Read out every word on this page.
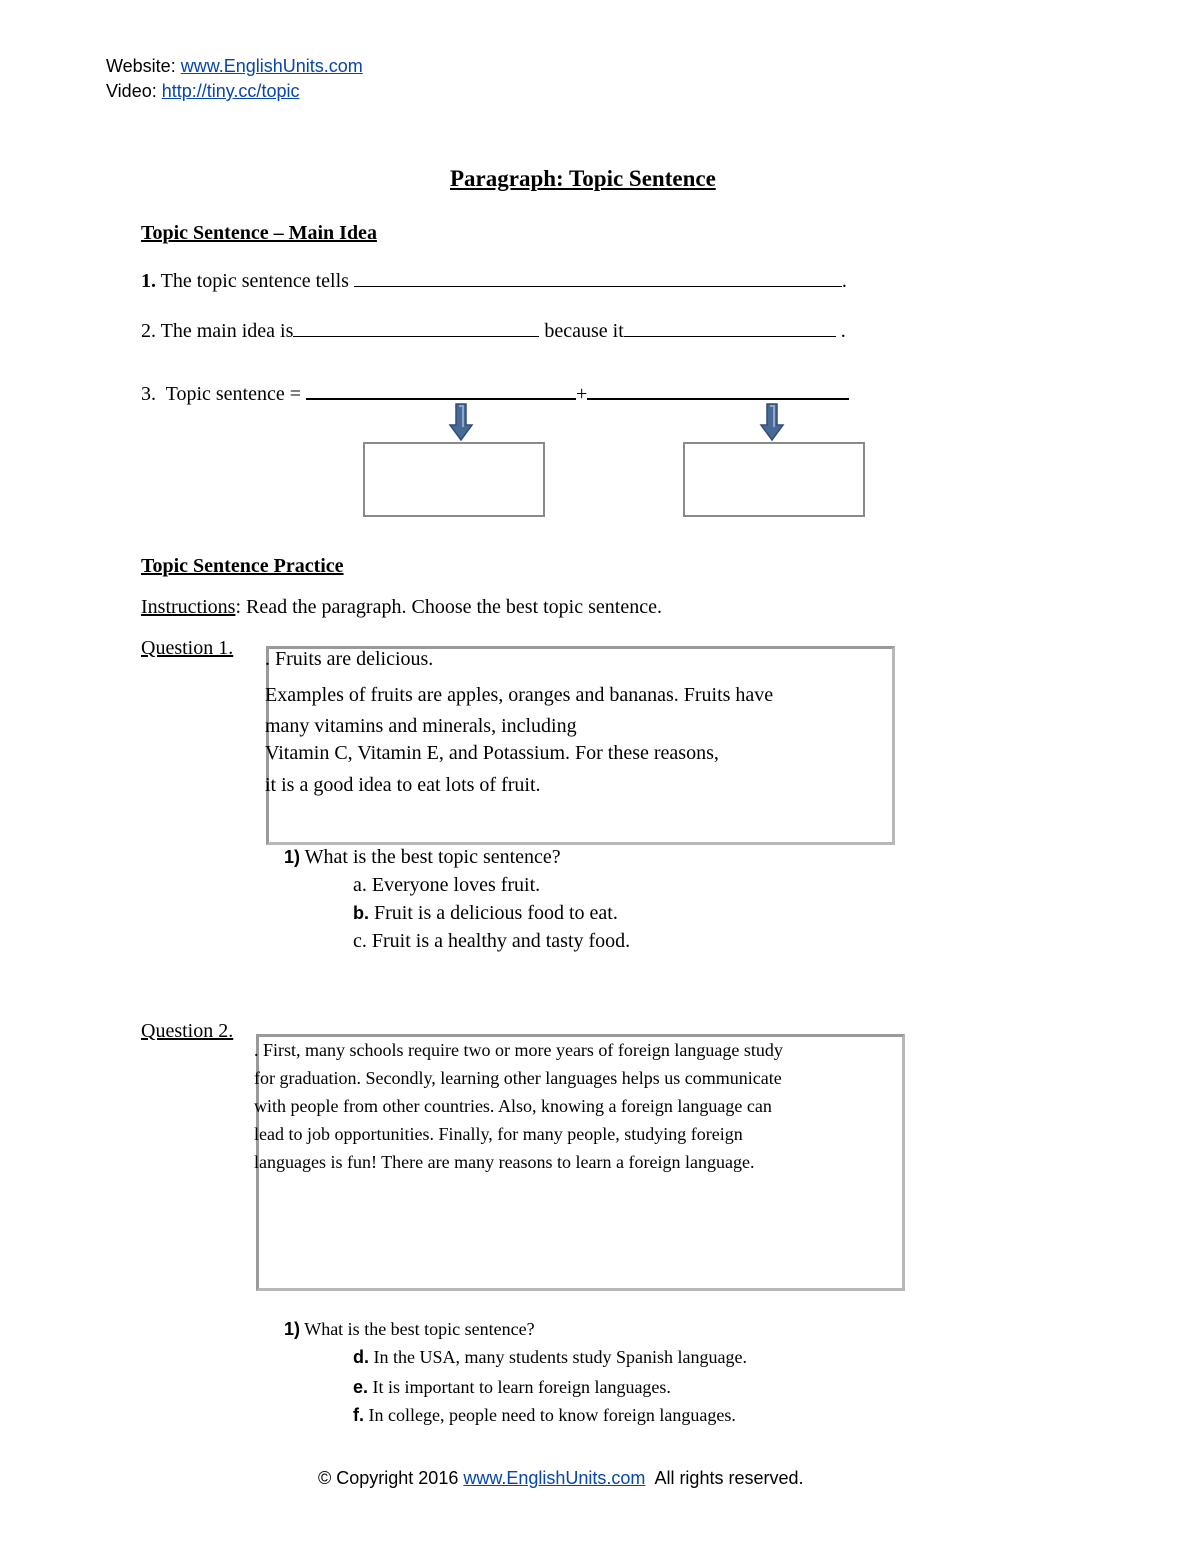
Website: www.EnglishUnits.com
Video: http://tiny.cc/topic
Paragraph: Topic Sentence
Topic Sentence – Main Idea
1. The topic sentence tells	.
2. The main idea is	because it	.
3. Topic sentence =	+
Topic Sentence Practice
Instructions: Read the paragraph. Choose the best topic sentence.
Question 1. . Fruits are delicious.
Examples of fruits are apples, oranges and bananas. Fruits have
many vitamins and minerals, including
Vitamin C, Vitamin E, and Potassium. For these reasons,
it is a good idea to eat lots of fruit.
1) What is the best topic sentence?
a. Everyone loves fruit.
b. Fruit is a delicious food to eat.
c. Fruit is a healthy and tasty food.
Question 2.
. First, many schools require two or more years of foreign language study
for graduation. Secondly, learning other languages helps us communicate
with people from other countries. Also, knowing a foreign language can
lead to job opportunities. Finally, for many people, studying foreign
languages is fun! There are many reasons to learn a foreign language.
1) What is the best topic sentence?
d. In the USA, many students study Spanish language.
e. It is important to learn foreign languages.
f. In college, people need to know foreign languages.
© Copyright 2016 www.EnglishUnits.com All rights reserved.
